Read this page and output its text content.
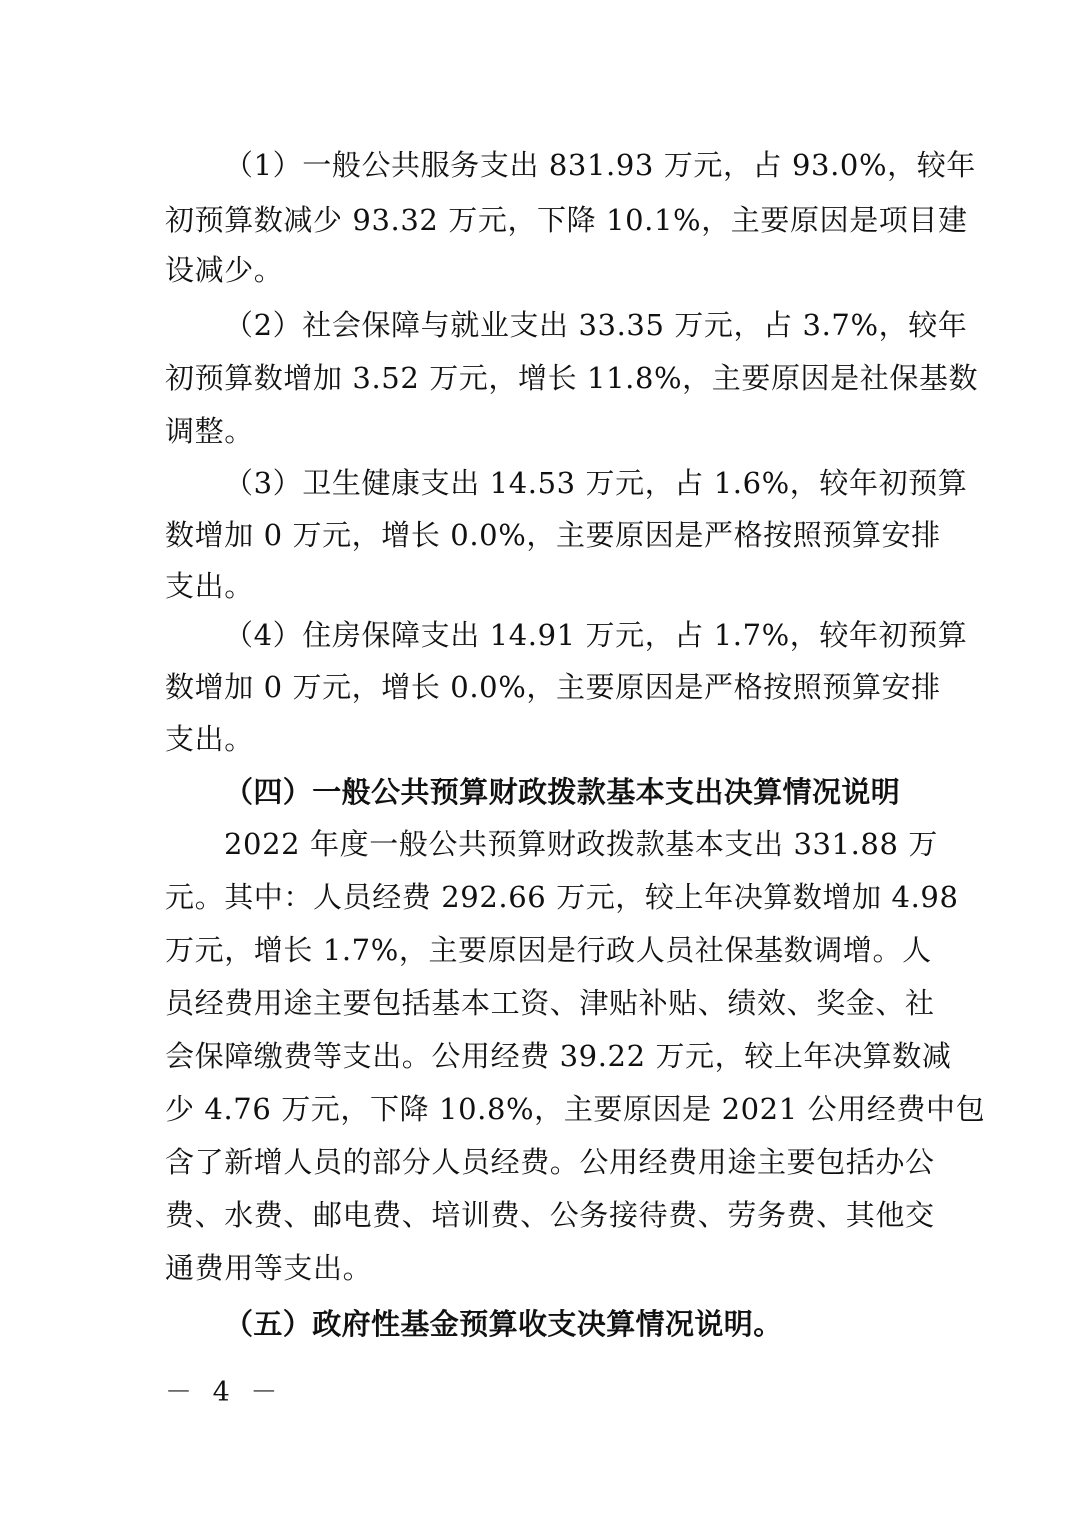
（1）一般公共服务支出 831.93 万元，占 93.0%，较年
初预算数减少 93.32 万元，下降 10.1%，主要原因是项目建
设减少。
（2）社会保障与就业支出 33.35 万元，占 3.7%，较年
初预算数增加 3.52 万元，增长 11.8%，主要原因是社保基数
调整。
（3）卫生健康支出 14.53 万元，占 1.6%，较年初预算
数增加 0 万元，增长 0.0%，主要原因是严格按照预算安排
支出。
（4）住房保障支出 14.91 万元，占 1.7%，较年初预算
数增加 0 万元，增长 0.0%，主要原因是严格按照预算安排
支出。
（四）一般公共预算财政拨款基本支出决算情况说明
2022 年度一般公共预算财政拨款基本支出 331.88 万
元。其中：人员经费 292.66 万元，较上年决算数增加 4.98
万元，增长 1.7%，主要原因是行政人员社保基数调增。人
员经费用途主要包括基本工资、津贴补贴、绩效、奖金、社
会保障缴费等支出。公用经费 39.22 万元，较上年决算数减
少 4.76 万元，下降 10.8%，主要原因是 2021 公用经费中包
含了新增人员的部分人员经费。公用经费用途主要包括办公
费、水费、邮电费、培训费、公务接待费、劳务费、其他交
通费用等支出。
（五）政府性基金预算收支决算情况说明。
－ 4 －
